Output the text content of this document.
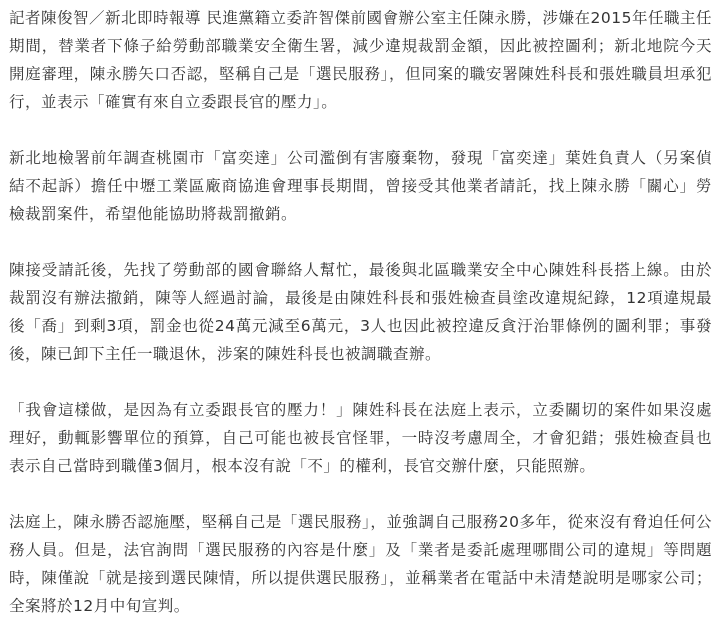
記者陳俊智／新北即時報導 民進黨籍立委許智傑前國會辦公室主任陳永勝，涉嫌在2015年任職主任期間，替業者下條子給勞動部職業安全衛生署，減少違規裁罰金額，因此被控圖利；新北地院今天開庭審理，陳永勝矢口否認，堅稱自己是「選民服務」，但同案的職安署陳姓科長和張姓職員坦承犯行，並表示「確實有來自立委跟長官的壓力」。

新北地檢署前年調查桃園市「富奕達」公司濫倒有害廢棄物，發現「富奕達」葉姓負責人（另案偵結不起訴）擔任中壢工業區廠商協進會理事長期間，曾接受其他業者請託，找上陳永勝「關心」勞檢裁罰案件，希望他能協助將裁罰撤銷。

陳接受請託後，先找了勞動部的國會聯絡人幫忙，最後與北區職業安全中心陳姓科長搭上線。由於裁罰沒有辦法撤銷，陳等人經過討論，最後是由陳姓科長和張姓檢查員塗改違規紀錄，12項違規最後「喬」到剩3項，罰金也從24萬元減至6萬元，3人也因此被控違反貪汙治罪條例的圖利罪；事發後，陳已卸下主任一職退休，涉案的陳姓科長也被調職查辦。

「我會這樣做，是因為有立委跟長官的壓力！」陳姓科長在法庭上表示，立委關切的案件如果沒處理好，動輒影響單位的預算，自己可能也被長官怪罪，一時沒考慮周全，才會犯錯；張姓檢查員也表示自己當時到職僅3個月，根本沒有說「不」的權利，長官交辦什麼，只能照辦。

法庭上，陳永勝否認施壓，堅稱自己是「選民服務」，並強調自己服務20多年，從來沒有脅迫任何公務人員。但是，法官詢問「選民服務的內容是什麼」及「業者是委託處理哪間公司的違規」等問題時，陳僅說「就是接到選民陳情，所以提供選民服務」，並稱業者在電話中未清楚說明是哪家公司；全案將於12月中旬宣判。
